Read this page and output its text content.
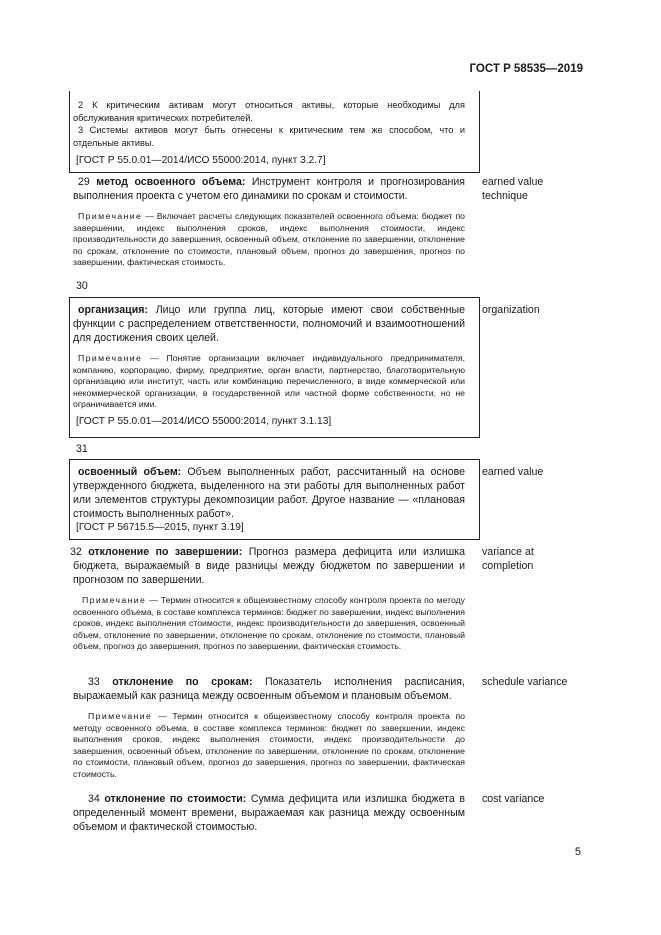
ГОСТ Р 58535—2019

2 К критическим активам могут относиться активы, которые необходимы для обслуживания критических потребителей.

3 Системы активов могут быть отнесены к критическим тем же способом, что и отдельные активы.

[ГОСТ Р 55.0.01—2014/ИСО 55000:2014, пункт 3.2.7]

29 метод освоенного объема: Инструмент контроля и прогнозирования выполнения проекта с учетом его динамики по срокам и стоимости.

Примечание — Включает расчеты следующих показателей освоенного объема: бюджет по завершении, индекс выполнения сроков, индекс выполнения стоимости, индекс производительности до завершения, освоенный объем, отклонение по завершении, отклонение по срокам, отклонение по стоимости, плановый объем, прогноз до завершения, прогноз по завершении, фактическая стоимость.

earned value
technique
30

организация: Лицо или группа лиц, которые имеют свои собственные функции с распределением ответственности, полномочий и взаимоотношений для достижения своих целей.

Примечание — Понятие организации включает индивидуального предпринимателя, компанию, корпорацию, фирму, предприятие, орган власти, партнерство, благотворительную организацию или институт, часть или комбинацию перечисленного, в виде коммерческой или некоммерческой организации, в государственной или частной форме собственности, но не ограничивается ими.

[ГОСТ Р 55.0.01—2014/ИСО 55000:2014, пункт 3.1.13]

organization
31

освоенный объем: Объем выполненных работ, рассчитанный на основе утвержденного бюджета, выделенного на эти работы для выполненных работ или элементов структуры декомпозиции работ. Другое название — «плановая стоимость выполненных работ».

[ГОСТ Р 56715.5—2015, пункт 3.19]

earned value

32 отклонение по завершении: Прогноз размера дефицита или излишка бюджета, выражаемый в виде разницы между бюджетом по завершении и прогнозом по завершении.

Примечание — Термин относится к общеизвестному способу контроля проекта по методу освоенного объема, в составе комплекса терминов: бюджет по завершении, индекс выполнения сроков, индекс выполнения стоимости, индекс производительности до завершения, освоенный объем, отклонение по завершении, отклонение по срокам, отклонение по стоимости, плановый объем, прогноз до завершения, прогноз по завершении, фактическая стоимость.

variance at
completion

33 отклонение по срокам: Показатель исполнения расписания, выражаемый как разница между освоенным объемом и плановым объемом.

Примечание — Термин относится к общеизвестному способу контроля проекта по методу освоенного объема, в составе комплекса терминов: бюджет по завершении, индекс выполнения сроков, индекс выполнения стоимости, индекс производительности до завершения, освоенный объем, отклонение по завершении, отклонение по срокам, отклонение по стоимости, плановый объем, прогноз до завершения, прогноз по завершении, фактическая стоимость.

schedule variance

34 отклонение по стоимости: Сумма дефицита или излишка бюджета в определенный момент времени, выражаемая как разница между освоенным объемом и фактической стоимостью.

cost variance
5
